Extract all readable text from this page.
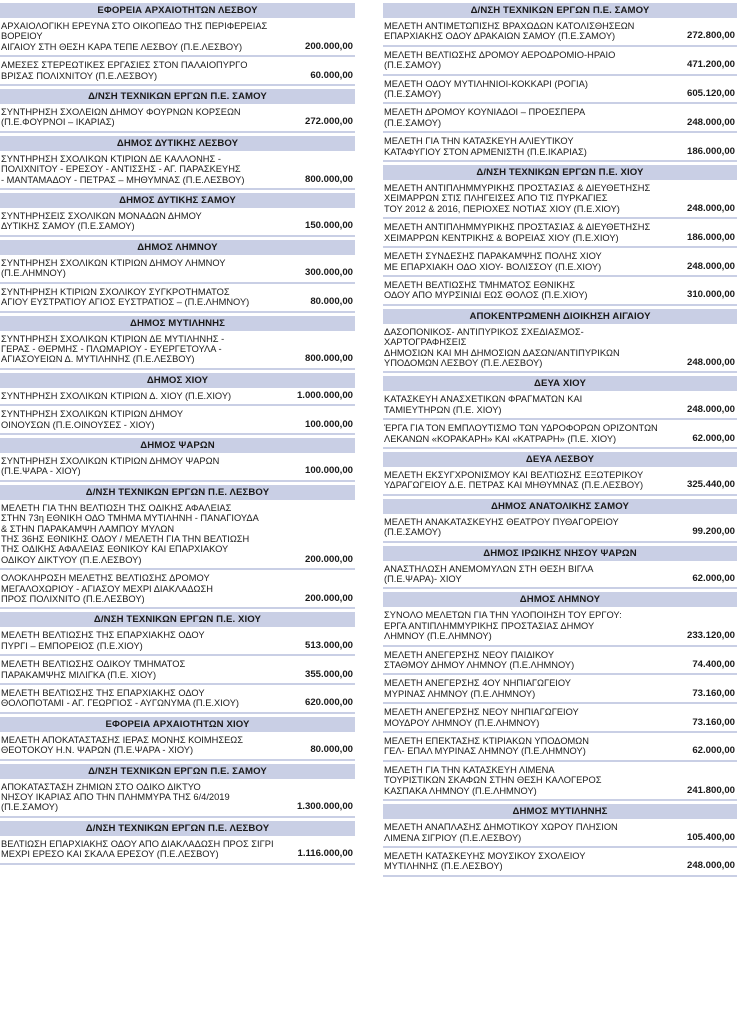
ΕΦΟΡΕΙΑ ΑΡΧΑΙΟΤΗΤΩΝ ΛΕΣΒΟΥ
ΑΡΧΑΙΟΛΟΓΙΚΗ ΕΡΕΥΝΑ ΣΤΟ ΟΙΚΟΠΕΔΟ ΤΗΣ ΠΕΡΙΦΕΡΕΙΑΣ ΒΟΡΕΙΟΥ
ΑΙΓΑΙΟΥ ΣΤΗ ΘΕΣΗ ΚΑΡΑ ΤΕΠΕ ΛΕΣΒΟΥ (Π.Ε.ΛΕΣΒΟΥ)	200.000,00
ΑΜΕΣΕΣ ΣΤΕΡΕΩΤΙΚΕΣ ΕΡΓΑΣΙΕΣ ΣΤΟΝ ΠΑΛΑΙΟΠΥΡΓΟ
ΒΡΙΣΑΣ ΠΟΛΙΧΝΙΤΟΥ (Π.Ε.ΛΕΣΒΟΥ)	60.000,00
Δ/ΝΣΗ ΤΕΧΝΙΚΩΝ ΕΡΓΩΝ Π.Ε. ΣΑΜΟΥ
ΣΥΝΤΗΡΗΣΗ ΣΧΟΛΕΙΩΝ ΔΗΜΟΥ ΦΟΥΡΝΩΝ ΚΟΡΣΕΩΝ
(Π.Ε.ΦΟΥΡΝΟΙ – ΙΚΑΡΙΑΣ)	272.000,00
ΔΗΜΟΣ ΔΥΤΙΚΗΣ ΛΕΣΒΟΥ
ΣΥΝΤΗΡΗΣΗ ΣΧΟΛΙΚΩΝ ΚΤΙΡΙΩΝ ΔΕ ΚΑΛΛΟΝΗΣ -
ΠΟΛΙΧΝΙΤΟΥ - ΕΡΕΣΟΥ - ΑΝΤΙΣΣΗΣ - ΑΓ. ΠΑΡΑΣΚΕΥΗΣ
- ΜΑΝΤΑΜΑΔΟΥ - ΠΕΤΡΑΣ – ΜΗΘΥΜΝΑΣ (Π.Ε.ΛΕΣΒΟΥ)	800.000,00
ΔΗΜΟΣ ΔΥΤΙΚΗΣ ΣΑΜΟΥ
ΣΥΝΤΗΡΗΣΕΙΣ ΣΧΟΛΙΚΩΝ ΜΟΝΑΔΩΝ ΔΗΜΟΥ
ΔΥΤΙΚΗΣ ΣΑΜΟΥ (Π.Ε.ΣΑΜΟΥ)	150.000,00
ΔΗΜΟΣ ΛΗΜΝΟΥ
ΣΥΝΤΗΡΗΣΗ ΣΧΟΛΙΚΩΝ ΚΤΙΡΙΩΝ ΔΗΜΟΥ ΛΗΜΝΟΥ
(Π.Ε.ΛΗΜΝΟΥ)	300.000,00
ΣΥΝΤΗΡΗΣΗ ΚΤΙΡΙΩΝ ΣΧΟΛΙΚΟΥ ΣΥΓΚΡΟΤΗΜΑΤΟΣ
ΑΓΙΟΥ ΕΥΣΤΡΑΤΙΟΥ ΑΓΙΟΣ ΕΥΣΤΡΑΤΙΟΣ – (Π.Ε.ΛΗΜΝΟΥ)	80.000,00
ΔΗΜΟΣ ΜΥΤΙΛΗΝΗΣ
ΣΥΝΤΗΡΗΣΗ ΣΧΟΛΙΚΩΝ ΚΤΙΡΙΩΝ ΔΕ ΜΥΤΙΛΗΝΗΣ -
ΓΕΡΑΣ - ΘΕΡΜΗΣ - ΠΛΩΜΑΡΙΟΥ - ΕΥΕΡΓΕΤΟΥΛΑ -
ΑΓΙΑΣΟΥΕΙΩΝ Δ. ΜΥΤΙΛΗΝΗΣ (Π.Ε.ΛΕΣΒΟΥ)	800.000,00
ΔΗΜΟΣ ΧΙΟΥ
ΣΥΝΤΗΡΗΣΗ ΣΧΟΛΙΚΩΝ ΚΤΙΡΙΩΝ Δ. ΧΙΟΥ (Π.Ε.ΧΙΟΥ)	1.000.000,00
ΣΥΝΤΗΡΗΣΗ ΣΧΟΛΙΚΩΝ ΚΤΙΡΙΩΝ ΔΗΜΟΥ
ΟΙΝΟΥΣΩΝ (Π.Ε.ΟΙΝΟΥΣΕΣ - ΧΙΟΥ)	100.000,00
ΔΗΜΟΣ ΨΑΡΩΝ
ΣΥΝΤΗΡΗΣΗ ΣΧΟΛΙΚΩΝ ΚΤΙΡΙΩΝ ΔΗΜΟΥ ΨΑΡΩΝ
(Π.Ε.ΨΑΡΑ - ΧΙΟΥ)	100.000,00
Δ/ΝΣΗ ΤΕΧΝΙΚΩΝ ΕΡΓΩΝ Π.Ε. ΛΕΣΒΟΥ
ΜΕΛΕΤΗ ΓΙΑ ΤΗΝ ΒΕΛΤΙΩΣΗ ΤΗΣ ΟΔΙΚΗΣ ΑΦΑΛΕΙΑΣ
ΣΤΗΝ 73η ΕΘΝΙΚΗ ΟΔΟ ΤΜΗΜΑ ΜΥΤΙΛΗΝΗ - ΠΑΝΑΓΙΟΥΔΑ
& ΣΤΗΝ ΠΑΡΑΚΑΜΨΗ ΛΑΜΠΟΥ ΜΥΛΩΝ
ΤΗΣ 36ΗΣ ΕΘΝΙΚΗΣ ΟΔΟΥ / ΜΕΛΕΤΗ ΓΙΑ ΤΗΝ ΒΕΛΤΙΩΣΗ
ΤΗΣ ΟΔΙΚΗΣ ΑΦΑΛΕΙΑΣ ΕΘΝΙΚΟΥ ΚΑΙ ΕΠΑΡΧΙΑΚΟΥ
ΟΔΙΚΟΥ ΔΙΚΤΥΟΥ (Π.Ε.ΛΕΣΒΟΥ)	200.000,00
ΟΛΟΚΛΗΡΩΣΗ ΜΕΛΕΤΗΣ ΒΕΛΤΙΩΣΗΣ ΔΡΟΜΟΥ
ΜΕΓΑΛΟΧΩΡΙΟΥ - ΑΓΙΑΣΟΥ ΜΕΧΡΙ ΔΙΑΚΛΑΔΩΣΗ
ΠΡΟΣ ΠΟΛΙΧΝΙΤΟ (Π.Ε.ΛΕΣΒΟΥ)	200.000,00
Δ/ΝΣΗ ΤΕΧΝΙΚΩΝ ΕΡΓΩΝ Π.Ε. ΧΙΟΥ
ΜΕΛΕΤΗ ΒΕΛΤΙΩΣΗΣ ΤΗΣ ΕΠΑΡΧΙΑΚΗΣ ΟΔΟΥ
ΠΥΡΓΙ – ΕΜΠΟΡΕΙΟΣ (Π.Ε.ΧΙΟΥ)	513.000,00
ΜΕΛΕΤΗ ΒΕΛΤΙΩΣΗΣ ΟΔΙΚΟΥ ΤΜΗΜΑΤΟΣ
ΠΑΡΑΚΑΜΨΗΣ ΜΙΛΙΓΚΑ (Π.Ε. ΧΙΟΥ)	355.000,00
ΜΕΛΕΤΗ ΒΕΛΤΙΩΣΗΣ ΤΗΣ ΕΠΑΡΧΙΑΚΗΣ ΟΔΟΥ
ΘΟΛΟΠΟΤΑΜΙ - ΑΓ. ΓΕΩΡΓΙΟΣ - ΑΥΓΩΝΥΜΑ (Π.Ε.ΧΙΟΥ)	620.000,00
ΕΦΟΡΕΙΑ ΑΡΧΑΙΟΤΗΤΩΝ ΧΙΟΥ
ΜΕΛΕΤΗ ΑΠΟΚΑΤΑΣΤΑΣΗΣ ΙΕΡΑΣ ΜΟΝΗΣ ΚΟΙΜΗΣΕΩΣ
ΘΕΟΤΟΚΟΥ Η.Ν. ΨΑΡΩΝ (Π.Ε.ΨΑΡΑ - ΧΙΟΥ)	80.000,00
Δ/ΝΣΗ ΤΕΧΝΙΚΩΝ ΕΡΓΩΝ Π.Ε. ΣΑΜΟΥ
ΑΠΟΚΑΤΑΣΤΑΣΗ ΖΗΜΙΩΝ ΣΤΟ ΟΔΙΚΟ ΔΙΚΤΥΟ
ΝΗΣΟΥ ΙΚΑΡΙΑΣ ΑΠΟ ΤΗΝ ΠΛΗΜΜΥΡΑ ΤΗΣ 6/4/2019
(Π.Ε.ΣΑΜΟΥ)	1.300.000,00
Δ/ΝΣΗ ΤΕΧΝΙΚΩΝ ΕΡΓΩΝ Π.Ε. ΛΕΣΒΟΥ
ΒΕΛΤΙΩΣΗ ΕΠΑΡΧΙΑΚΗΣ ΟΔΟΥ ΑΠΟ ΔΙΑΚΛΑΔΩΣΗ ΠΡΟΣ ΣΙΓΡΙ
ΜΕΧΡΙ ΕΡΕΣΟ ΚΑΙ ΣΚΑΛΑ ΕΡΕΣΟΥ (Π.Ε.ΛΕΣΒΟΥ)	1.116.000,00
Δ/ΝΣΗ ΤΕΧΝΙΚΩΝ ΕΡΓΩΝ Π.Ε. ΣΑΜΟΥ
ΜΕΛΕΤΗ ΑΝΤΙΜΕΤΩΠΙΣΗΣ ΒΡΑΧΩΔΩΝ ΚΑΤΟΛΙΣΘΗΣΕΩΝ
ΕΠΑΡΧΙΑΚΗΣ ΟΔΟΥ ΔΡΑΚΑΙΩΝ ΣΑΜΟΥ (Π.Ε.ΣΑΜΟΥ)	272.800,00
ΜΕΛΕΤΗ ΒΕΛΤΙΩΣΗΣ ΔΡΟΜΟΥ ΑΕΡΟΔΡΟΜΙΟ-ΗΡΑΙΟ
(Π.Ε.ΣΑΜΟΥ)	471.200,00
ΜΕΛΕΤΗ ΟΔΟΥ ΜΥΤΙΛΗΝΙΟΙ-ΚΟΚΚΑΡΙ (ΡΟΓΙΑ)
(Π.Ε.ΣΑΜΟΥ)	605.120,00
ΜΕΛΕΤΗ ΔΡΟΜΟΥ ΚΟΥΝΙΑΔΟΙ – ΠΡΟΕΣΠΕΡΑ
(Π.Ε.ΣΑΜΟΥ)	248.000,00
ΜΕΛΕΤΗ ΓΙΑ ΤΗΝ ΚΑΤΑΣΚΕΥΗ ΑΛΙΕΥΤΙΚΟΥ
ΚΑΤΑΦΥΓΙΟΥ ΣΤΟΝ ΑΡΜΕΝΙΣΤΗ (Π.Ε.ΙΚΑΡΙΑΣ)	186.000,00
Δ/ΝΣΗ ΤΕΧΝΙΚΩΝ ΕΡΓΩΝ Π.Ε. ΧΙΟΥ
ΜΕΛΕΤΗ ΑΝΤΙΠΛΗΜΜΥΡΙΚΗΣ ΠΡΟΣΤΑΣΙΑΣ & ΔΙΕΥΘΕΤΗΣΗΣ
ΧΕΙΜΑΡΡΩΝ ΣΤΙΣ ΠΛΗΓΕΙΣΕΣ ΑΠΟ ΤΙΣ ΠΥΡΚΑΓΙΕΣ
ΤΟΥ 2012 & 2016, ΠΕΡΙΟΧΕΣ ΝΟΤΙΑΣ ΧΙΟΥ (Π.Ε.ΧΙΟΥ)	248.000,00
ΜΕΛΕΤΗ ΑΝΤΙΠΛΗΜΜΥΡΙΚΗΣ ΠΡΟΣΤΑΣΙΑΣ & ΔΙΕΥΘΕΤΗΣΗΣ
ΧΕΙΜΑΡΡΩΝ ΚΕΝΤΡΙΚΗΣ & ΒΟΡΕΙΑΣ ΧΙΟΥ (Π.Ε.ΧΙΟΥ)	186.000,00
ΜΕΛΕΤΗ ΣΥΝΔΕΣΗΣ ΠΑΡΑΚΑΜΨΗΣ ΠΟΛΗΣ ΧΙΟΥ
ΜΕ ΕΠΑΡΧΙΑΚΗ ΟΔΟ ΧΙΟΥ- ΒΟΛΙΣΣΟΥ (Π.Ε.ΧΙΟΥ)	248.000,00
ΜΕΛΕΤΗ ΒΕΛΤΙΩΣΗΣ ΤΜΗΜΑΤΟΣ ΕΘΝΙΚΗΣ
ΟΔΟΥ ΑΠΟ ΜΥΡΣΙΝΙΔΙ ΕΩΣ ΘΟΛΟΣ (Π.Ε.ΧΙΟΥ)	310.000,00
ΑΠΟΚΕΝΤΡΩΜΕΝΗ ΔΙΟΙΚΗΣΗ ΑΙΓΑΙΟΥ
ΔΑΣΟΠΟΝΙΚΟΣ- ΑΝΤΙΠΥΡΙΚΟΣ ΣΧΕΔΙΑΣΜΟΣ-ΧΑΡΤΟΓΡΑΦΗΣΕΙΣ
ΔΗΜΟΣΙΩΝ ΚΑΙ ΜΗ ΔΗΜΟΣΙΩΝ ΔΑΣΩΝ/ΑΝΤΙΠΥΡΙΚΩΝ
ΥΠΟΔΟΜΩΝ ΛΕΣΒΟΥ (Π.Ε.ΛΕΣΒΟΥ)	248.000,00
ΔΕΥΑ ΧΙΟΥ
ΚΑΤΑΣΚΕΥΗ ΑΝΑΣΧΕΤΙΚΩΝ ΦΡΑΓΜΑΤΩΝ ΚΑΙ
ΤΑΜΙΕΥΤΗΡΩΝ (Π.Ε. ΧΙΟΥ)	248.000,00
ΈΡΓΑ ΓΙΑ ΤΟΝ ΕΜΠΛΟΥΤΙΣΜΟ ΤΩΝ ΥΔΡΟΦΟΡΩΝ ΟΡΙΖΟΝΤΩΝ
ΛΕΚΑΝΩΝ «ΚΟΡΑΚΑΡΗ» ΚΑΙ «ΚΑΤΡΑΡΗ» (Π.Ε. ΧΙΟΥ)	62.000,00
ΔΕΥΑ ΛΕΣΒΟΥ
ΜΕΛΕΤΗ ΕΚΣΥΓΧΡΟΝΙΣΜΟΥ ΚΑΙ ΒΕΛΤΙΩΣΗΣ ΕΞΩΤΕΡΙΚΟΥ
ΥΔΡΑΓΩΓΕΙΟΥ Δ.Ε. ΠΕΤΡΑΣ ΚΑΙ ΜΗΘΥΜΝΑΣ (Π.Ε.ΛΕΣΒΟΥ)	325.440,00
ΔΗΜΟΣ ΑΝΑΤΟΛΙΚΗΣ ΣΑΜΟΥ
ΜΕΛΕΤΗ ΑΝΑΚΑΤΑΣΚΕΥΗΣ ΘΕΑΤΡΟΥ ΠΥΘΑΓΟΡΕΙΟΥ
(Π.Ε.ΣΑΜΟΥ)	99.200,00
ΔΗΜΟΣ ΙΡΩΙΚΗΣ ΝΗΣΟΥ ΨΑΡΩΝ
ΑΝΑΣΤΗΛΩΣΗ ΑΝΕΜΟΜΥΛΩΝ ΣΤΗ ΘΕΣΗ ΒΙΓΛΑ
(Π.Ε.ΨΑΡΑ)- ΧΙΟΥ	62.000,00
ΔΗΜΟΣ ΛΗΜΝΟΥ
ΣΥΝΟΛΟ ΜΕΛΕΤΩΝ ΓΙΑ ΤΗΝ ΥΛΟΠΟΙΗΣΗ ΤΟΥ ΕΡΓΟΥ:
ΕΡΓΑ ΑΝΤΙΠΛΗΜΜΥΡΙΚΗΣ ΠΡΟΣΤΑΣΙΑΣ ΔΗΜΟΥ
ΛΗΜΝΟΥ (Π.Ε.ΛΗΜΝΟΥ)	233.120,00
ΜΕΛΕΤΗ ΑΝΕΓΕΡΣΗΣ ΝΕΟΥ ΠΑΙΔΙΚΟΥ
ΣΤΑΘΜΟΥ ΔΗΜΟΥ ΛΗΜΝΟΥ (Π.Ε.ΛΗΜΝΟΥ)	74.400,00
ΜΕΛΕΤΗ ΑΝΕΓΕΡΣΗΣ 4ΟΥ ΝΗΠΙΑΓΩΓΕΙΟΥ
ΜΥΡΙΝΑΣ ΛΗΜΝΟΥ (Π.Ε.ΛΗΜΝΟΥ)	73.160,00
ΜΕΛΕΤΗ ΑΝΕΓΕΡΣΗΣ ΝΕΟΥ ΝΗΠΙΑΓΩΓΕΙΟΥ
ΜΟΥΔΡΟΥ ΛΗΜΝΟΥ (Π.Ε.ΛΗΜΝΟΥ)	73.160,00
ΜΕΛΕΤΗ ΕΠΕΚΤΑΣΗΣ ΚΤΙΡΙΑΚΩΝ ΥΠΟΔΟΜΩΝ
ΓΕΛ- ΕΠΑΛ ΜΥΡΙΝΑΣ ΛΗΜΝΟΥ (Π.Ε.ΛΗΜΝΟΥ)	62.000,00
ΜΕΛΕΤΗ ΓΙΑ ΤΗΝ ΚΑΤΑΣΚΕΥΗ ΛΙΜΕΝΑ
ΤΟΥΡΙΣΤΙΚΩΝ ΣΚΑΦΩΝ ΣΤΗΝ ΘΕΣΗ ΚΑΛΟΓΕΡΟΣ
ΚΑΣΠΑΚΑ ΛΗΜΝΟΥ (Π.Ε.ΛΗΜΝΟΥ)	241.800,00
ΔΗΜΟΣ ΜΥΤΙΛΗΝΗΣ
ΜΕΛΕΤΗ ΑΝΑΠΛΑΣΗΣ ΔΗΜΟΤΙΚΟΥ ΧΩΡΟΥ ΠΛΗΣΙΟΝ
ΛΙΜΕΝΑ ΣΙΓΡΙΟΥ (Π.Ε.ΛΕΣΒΟΥ)	105.400,00
ΜΕΛΕΤΗ ΚΑΤΑΣΚΕΥΗΣ ΜΟΥΣΙΚΟΥ ΣΧΟΛΕΙΟΥ
ΜΥΤΙΛΗΝΗΣ (Π.Ε.ΛΕΣΒΟΥ)	248.000,00
